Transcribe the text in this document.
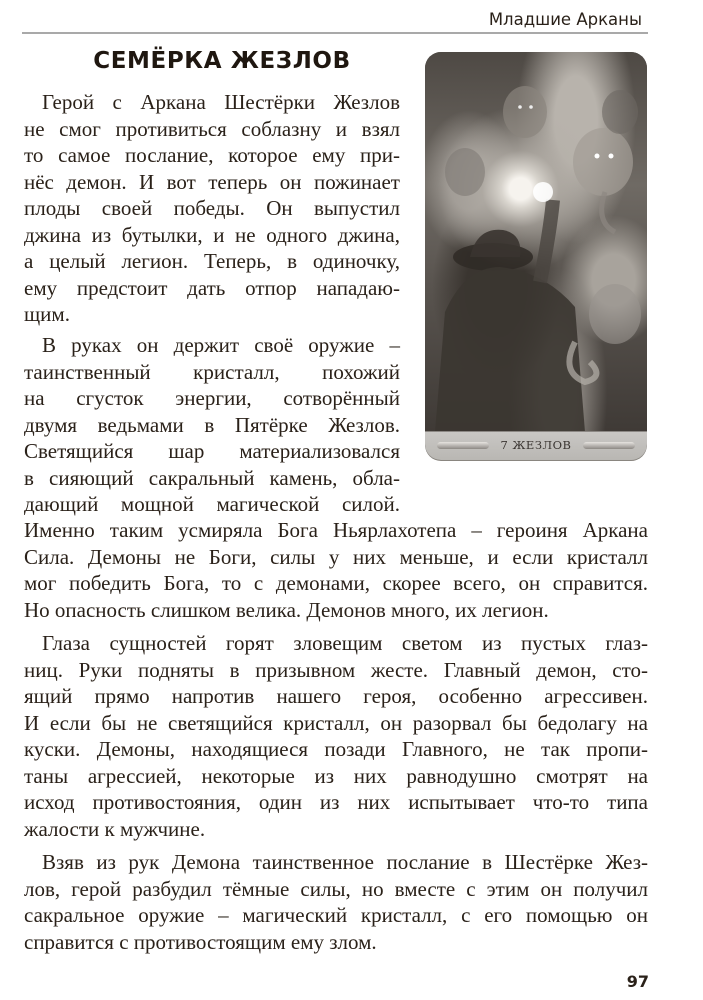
Младшие Арканы
СЕМЁРКА ЖЕЗЛОВ
7 ЖЕЗЛОВ
Герой с Аркана Шестёрки Жезлов
не смог противиться соблазну и взял
то самое послание, которое ему при-
нёс демон. И вот теперь он пожинает
плоды своей победы. Он выпустил
джина из бутылки, и не одного джина,
а целый легион. Теперь, в одиночку,
ему предстоит дать отпор нападаю-
щим.
В руках он держит своё оружие –
таинственный кристалл, похожий
на сгусток энергии, сотворённый
двумя ведьмами в Пятёрке Жезлов.
Светящийся шар материализовался
в сияющий сакральный камень, обла-
дающий мощной магической силой.
Именно таким усмиряла Бога Ньярлахотепа – героиня Аркана
Сила. Демоны не Боги, силы у них меньше, и если кристалл
мог победить Бога, то с демонами, скорее всего, он справится.
Но опасность слишком велика. Демонов много, их легион.
Глаза сущностей горят зловещим светом из пустых глаз-
ниц. Руки подняты в призывном жесте. Главный демон, сто-
ящий прямо напротив нашего героя, особенно агрессивен.
И если бы не светящийся кристалл, он разорвал бы бедолагу на
куски. Демоны, находящиеся позади Главного, не так пропи-
таны агрессией, некоторые из них равнодушно смотрят на
исход противостояния, один из них испытывает что-то типа
жалости к мужчине.
Взяв из рук Демона таинственное послание в Шестёрке Жез-
лов, герой разбудил тёмные силы, но вместе с этим он получил
сакральное оружие – магический кристалл, с его помощью он
справится с противостоящим ему злом.
97
